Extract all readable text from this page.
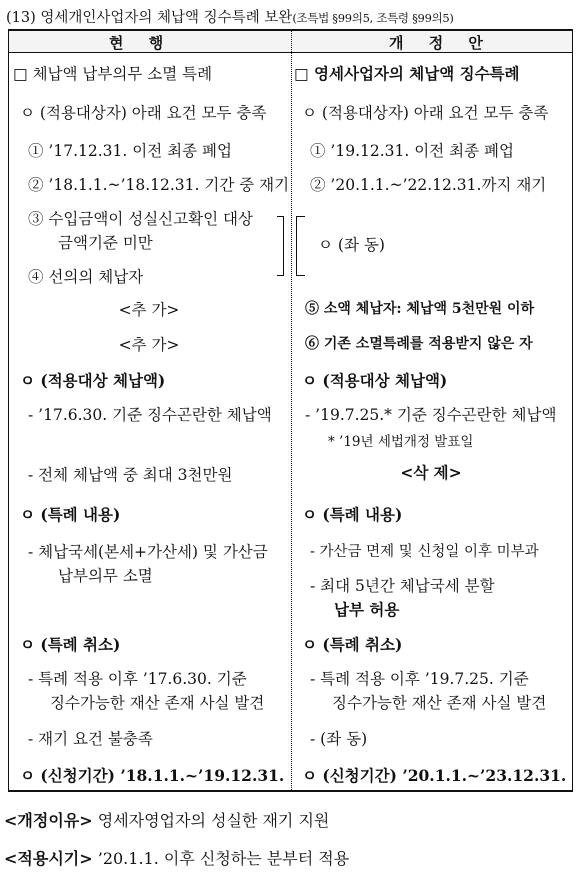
(13) 영세개인사업자의 체납액 징수특례 보완(조특법 §99의5, 조특령 §99의5)
현 행	개 정 안
□ 체납액 납부의무 소멸 특례
ㅇ (적용대상자) 아래 요건 모두 충족
① ’17.12.31. 이전 최종 폐업
② ’18.1.1.~’18.12.31. 기간 중 재기
③ 수입금액이 성실신고확인 대상
금액기준 미만
④ 선의의 체납자
<추 가>
<추 가>
ㅇ (적용대상 체납액)
- ’17.6.30. 기준 징수곤란한 체납액
- 전체 체납액 중 최대 3천만원
ㅇ (특례 내용)
- 체납국세(본세+가산세) 및 가산금
납부의무 소멸
ㅇ (특례 취소)
- 특례 적용 이후 ’17.6.30. 기준
징수가능한 재산 존재 사실 발견
- 재기 요건 불충족
ㅇ (신청기간) ’18.1.1.~’19.12.31.
□ 영세사업자의 체납액 징수특례
ㅇ (적용대상자) 아래 요건 모두 충족
① ’19.12.31. 이전 최종 폐업
② ’20.1.1.~’22.12.31.까지 재기
ㅇ (좌 동)
⑤ 소액 체납자: 체납액 5천만원 이하
⑥ 기존 소멸특례를 적용받지 않은 자
ㅇ (적용대상 체납액)
- ’19.7.25.* 기준 징수곤란한 체납액
* ’19년 세법개정 발표일
<삭 제>
ㅇ (특례 내용)
- 가산금 면제 및 신청일 이후 미부과
- 최대 5년간 체납국세 분할
납부 허용
ㅇ (특례 취소)
- 특례 적용 이후 ’19.7.25. 기준
징수가능한 재산 존재 사실 발견
- (좌 동)
ㅇ (신청기간) ’20.1.1.~’23.12.31.
<개정이유> 영세자영업자의 성실한 재기 지원
<적용시기> ’20.1.1. 이후 신청하는 분부터 적용
